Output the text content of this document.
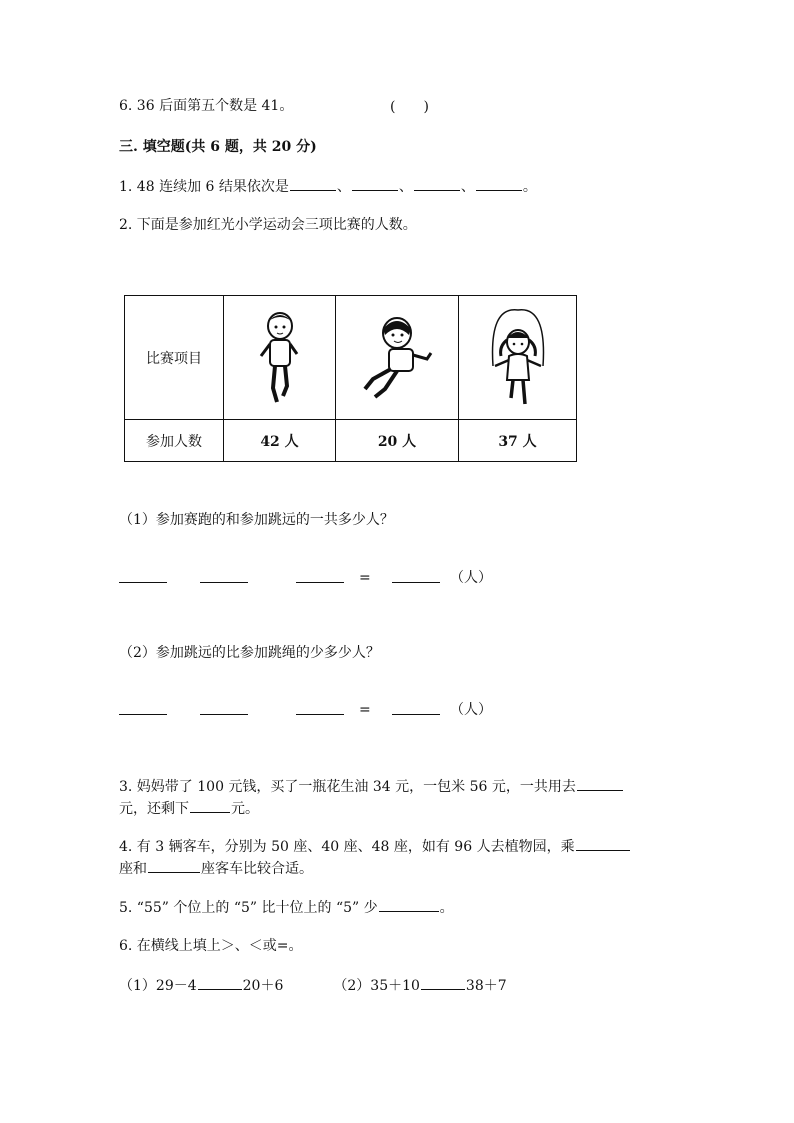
6. 36 后面第五个数是 41。	(　　)
三. 填空题(共 6 题，共 20 分)
1. 48 连续加 6 结果依次是	、	、	、	。
2. 下面是参加红光小学运动会三项比赛的人数。
比赛项目	

参加人数	42 人	20 人	37 人
（1）参加赛跑的和参加跳远的一共多少人？
=	（人）
（2）参加跳远的比参加跳绳的少多少人？
=	（人）
3. 妈妈带了 100 元钱，买了一瓶花生油 34 元，一包米 56 元，一共用去
元，还剩下	元。
4. 有 3 辆客车，分别为 50 座、40 座、48 座，如有 96 人去植物园，乘
座和	座客车比较合适。
5. “55” 个位上的 “5” 比十位上的 “5” 少	。
6. 在横线上填上＞、＜或=。
（1）29－4	20＋6	（2）35＋10	38＋7
